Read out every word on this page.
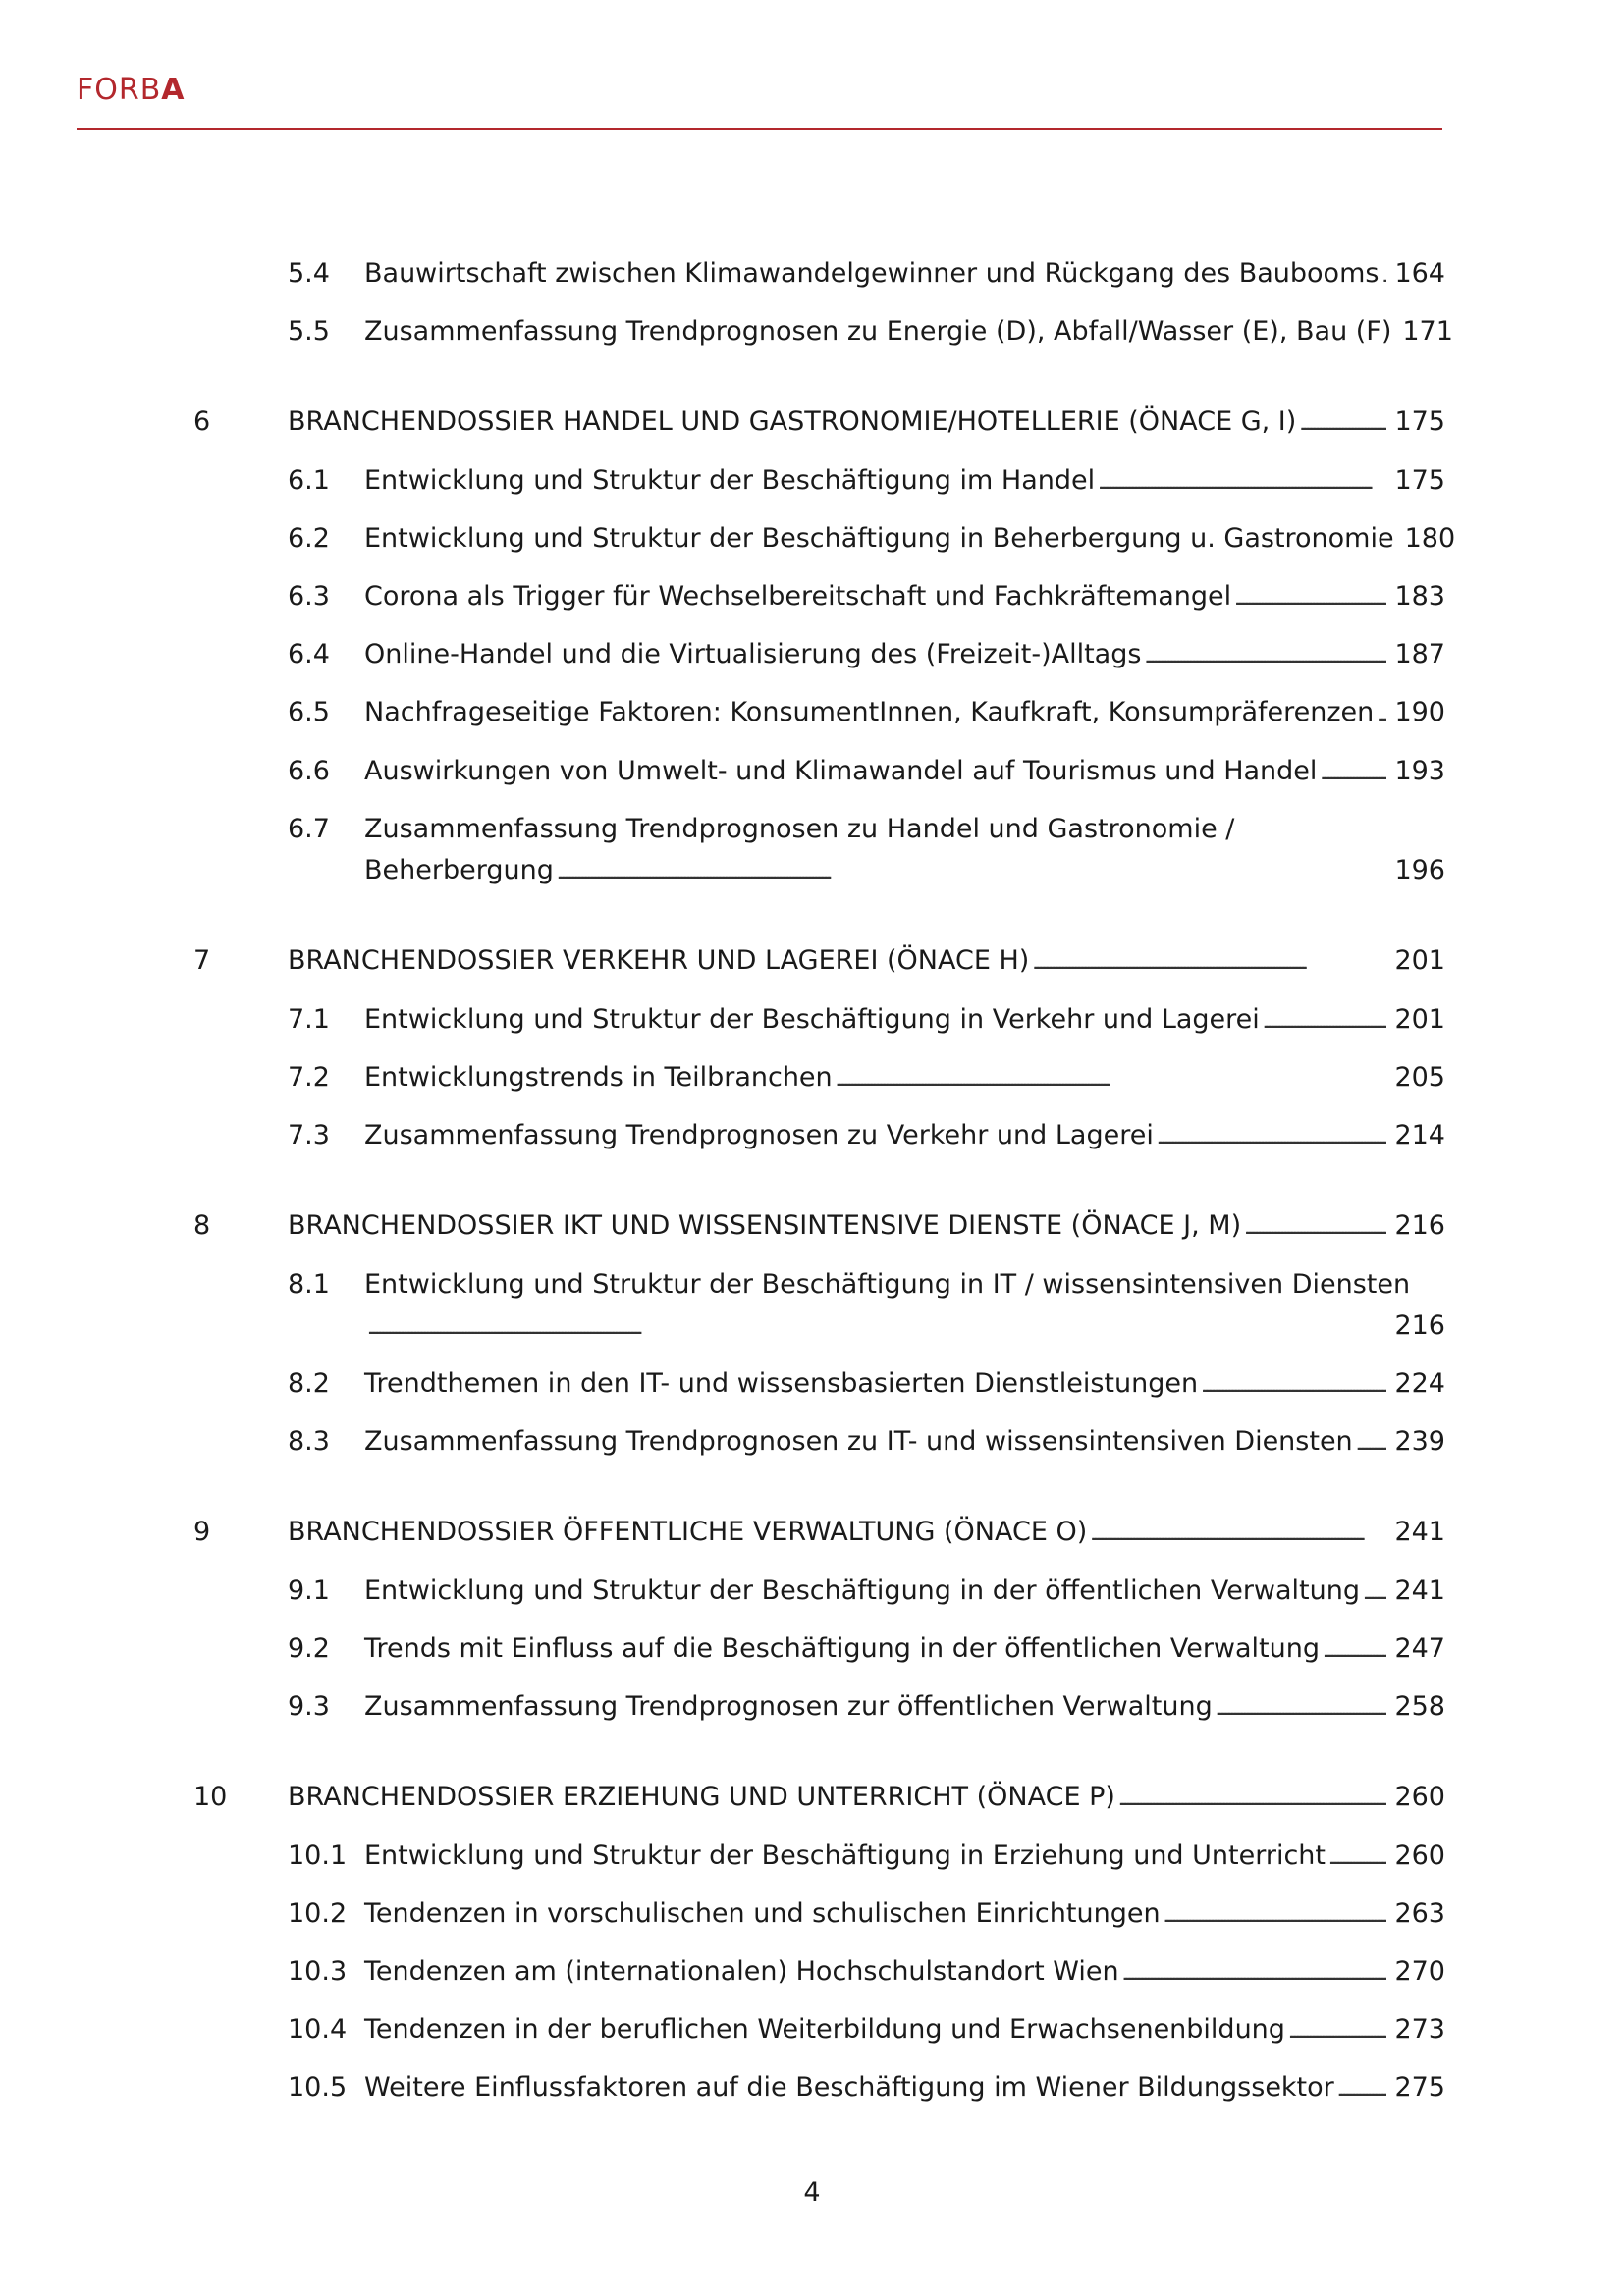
FORBA
5.4	Bauwirtschaft zwischen Klimawandelgewinner und Rückgang des Baubooms . . . 164
5.5	Zusammenfassung Trendprognosen zu Energie (D), Abfall/Wasser (E), Bau (F) 171
6	BRANCHENDOSSIER HANDEL UND GASTRONOMIE/HOTELLERIE (ÖNACE G, I) . . .	175
6.1	Entwicklung und Struktur der Beschäftigung im Handel . . .	175
6.2	Entwicklung und Struktur der Beschäftigung in Beherbergung u. Gastronomie 180
6.3	Corona als Trigger für Wechselbereitschaft und Fachkräftemangel . . .	183
6.4	Online-Handel und die Virtualisierung des (Freizeit-)Alltags . . .	187
6.5	Nachfrageseitige Faktoren: KonsumentInnen, Kaufkraft, Konsumpräferenzen . . . 190
6.6	Auswirkungen von Umwelt- und Klimawandel auf Tourismus und Handel . . .	193
6.7	Zusammenfassung Trendprognosen zu Handel und Gastronomie /
Beherbergung . . .	196
7	BRANCHENDOSSIER VERKEHR UND LAGEREI (ÖNACE H) . . .	201
7.1	Entwicklung und Struktur der Beschäftigung in Verkehr und Lagerei . . .	201
7.2	Entwicklungstrends in Teilbranchen . . .	205
7.3	Zusammenfassung Trendprognosen zu Verkehr und Lagerei . . .	214
8	BRANCHENDOSSIER IKT UND WISSENSINTENSIVE DIENSTE (ÖNACE J, M) . . .	216
8.1	Entwicklung und Struktur der Beschäftigung in IT / wissensintensiven Diensten
. . .
216
8.2	Trendthemen in den IT- und wissensbasierten Dienstleistungen . . .	224
8.3	Zusammenfassung Trendprognosen zu IT- und wissensintensiven Diensten . . . 239
9	BRANCHENDOSSIER ÖFFENTLICHE VERWALTUNG (ÖNACE O) . . .	241
9.1	Entwicklung und Struktur der Beschäftigung in der öffentlichen Verwaltung . . . 241
9.2	Trends mit Einfluss auf die Beschäftigung in der öffentlichen Verwaltung . . .	247
9.3	Zusammenfassung Trendprognosen zur öffentlichen Verwaltung . . .	258
10	BRANCHENDOSSIER ERZIEHUNG UND UNTERRICHT (ÖNACE P) . . .	260
10.1 Entwicklung und Struktur der Beschäftigung in Erziehung und Unterricht . . .	260
10.2 Tendenzen in vorschulischen und schulischen Einrichtungen . . .	263
10.3 Tendenzen am (internationalen) Hochschulstandort Wien . . .	270
10.4 Tendenzen in der beruflichen Weiterbildung und Erwachsenenbildung . . .	273
10.5 Weitere Einflussfaktoren auf die Beschäftigung im Wiener Bildungssektor . . . 275
4
